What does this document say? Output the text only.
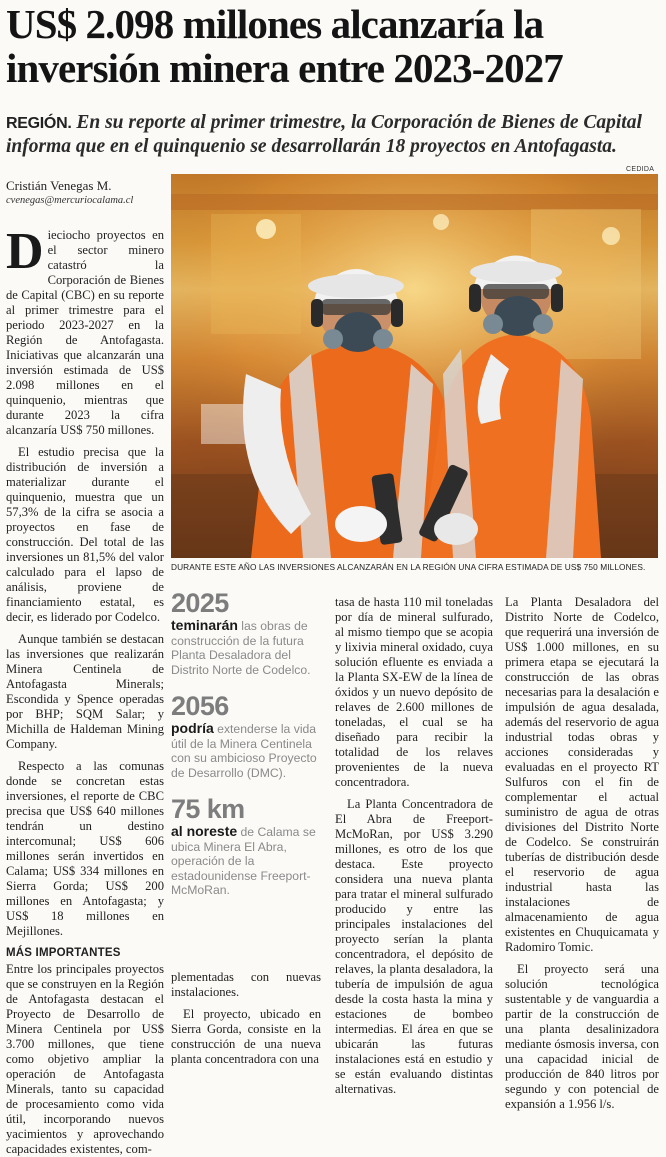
US$ 2.098 millones alcanzaría la
inversión minera entre 2023-2027
REGIÓN. En su reporte al primer trimestre, la Corporación de Bienes de Capital
informa que en el quinquenio se desarrollarán 18 proyectos en Antofagasta.
CEDIDA
Cristián Venegas M.
cvenegas@mercuriocalama.cl

Dieciocho proyectos en el sector minero catastró la Corporación de Bienes de Capital (CBC) en su reporte al primer trimestre para el periodo 2023-2027 en la Región de Antofagasta. Iniciativas que alcanzarán una inversión estimada de US$ 2.098 millones en el quinquenio, mientras que durante 2023 la cifra alcanzaría US$ 750 millones.

El estudio precisa que la distribución de inversión a materializar durante el quinquenio, muestra que un 57,3% de la cifra se asocia a proyectos en fase de construcción. Del total de las inversiones un 81,5% del valor calculado para el lapso de análisis, proviene de financiamiento estatal, es decir, es liderado por Codelco.

Aunque también se destacan las inversiones que realizarán Minera Centinela de Antofagasta Minerals; Escondida y Spence operadas por BHP; SQM Salar; y Michilla de Haldeman Mining Company.

Respecto a las comunas donde se concretan estas inversiones, el reporte de CBC precisa que US$ 640 millones tendrán un destino intercomunal; US$ 606 millones serán invertidos en Calama; US$ 334 millones en Sierra Gorda; US$ 200 millones en Antofagasta; y US$ 18 millones en Mejillones.

MÁS IMPORTANTES

Entre los principales proyectos que se construyen en la Región de Antofagasta destacan el Proyecto de Desarrollo de Minera Centinela por US$ 3.700 millones, que tiene como objetivo ampliar la operación de Antofagasta Minerals, tanto su capacidad de procesamiento como vida útil, incorporando nuevos yacimientos y aprovechando capacidades existentes, com-

DURANTE ESTE AÑO LAS INVERSIONES ALCANZARÁN EN LA REGIÓN UNA CIFRA ESTIMADA DE US$ 750 MILLONES.
2025
teminarán las obras de construcción de la futura Planta Desaladora del Distrito Norte de Codelco.
2056
podría extenderse la vida útil de la Minera Centinela con su ambicioso Proyecto de Desarrollo (DMC).
75 km
al noreste de Calama se ubica Minera El Abra, operación de la estadounidense Freeport-McMoRan.

plementadas con nuevas instalaciones.

El proyecto, ubicado en Sierra Gorda, consiste en la construcción de una nueva planta concentradora con una

tasa de hasta 110 mil toneladas por día de mineral sulfurado, al mismo tiempo que se acopia y lixivia mineral oxidado, cuya solución efluente es enviada a la Planta SX-EW de la línea de óxidos y un nuevo depósito de relaves de 2.600 millones de toneladas, el cual se ha diseñado para recibir la totalidad de los relaves provenientes de la nueva concentradora.

La Planta Concentradora de El Abra de Freeport-McMoRan, por US$ 3.290 millones, es otro de los que destaca. Este proyecto considera una nueva planta para tratar el mineral sulfurado producido y entre las principales instalaciones del proyecto serían la planta concentradora, el depósito de relaves, la planta desaladora, la tubería de impulsión de agua desde la costa hasta la mina y estaciones de bombeo intermedias. El área en que se ubicarán las futuras instalaciones está en estudio y se están evaluando distintas alternativas.

La Planta Desaladora del Distrito Norte de Codelco, que requerirá una inversión de US$ 1.000 millones, en su primera etapa se ejecutará la construcción de las obras necesarias para la desalación e impulsión de agua desalada, además del reservorio de agua industrial todas obras y acciones consideradas y evaluadas en el proyecto RT Sulfuros con el fin de complementar el actual suministro de agua de otras divisiones del Distrito Norte de Codelco. Se construirán tuberías de distribución desde el reservorio de agua industrial hasta las instalaciones de almacenamiento de agua existentes en Chuquicamata y Radomiro Tomic.

El proyecto será una solución tecnológica sustentable y de vanguardia a partir de la construcción de una planta desalinizadora mediante ósmosis inversa, con una capacidad inicial de producción de 840 litros por segundo y con potencial de expansión a 1.956 l/s.
